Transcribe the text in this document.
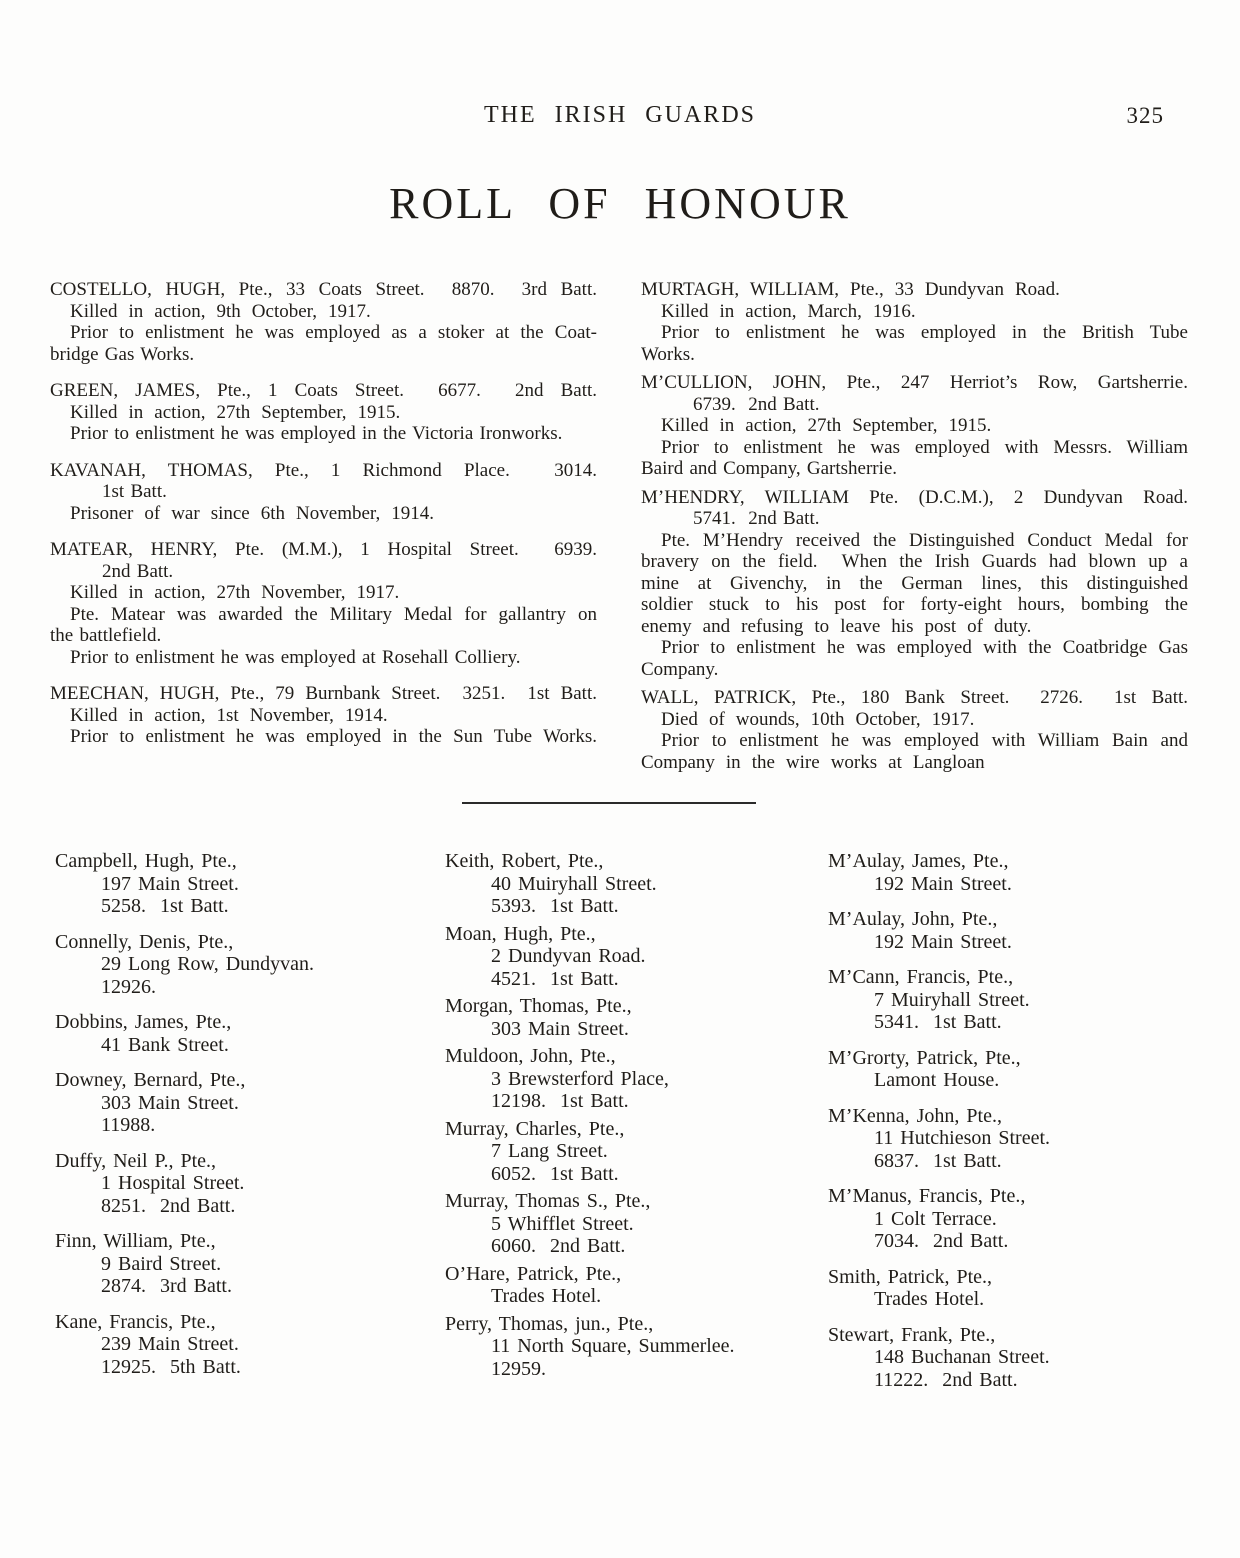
THE IRISH GUARDS	325
ROLL OF HONOUR
COSTELLO, HUGH, Pte., 33 Coats Street.  8870.  3rd Batt.
Killed in action, 9th October, 1917.
Prior to enlistment he was employed as a stoker at the Coat-
bridge Gas Works.
GREEN, JAMES, Pte., 1 Coats Street.  6677.  2nd Batt.
Killed in action, 27th September, 1915.
Prior to enlistment he was employed in the Victoria Ironworks.
KAVANAH, THOMAS, Pte., 1 Richmond Place.  3014.
1st Batt.
Prisoner of war since 6th November, 1914.
MATEAR, HENRY, Pte. (M.M.), 1 Hospital Street.  6939.
2nd Batt.
Killed in action, 27th November, 1917.
Pte. Matear was awarded the Military Medal for gallantry on
the battlefield.
Prior to enlistment he was employed at Rosehall Colliery.
MEECHAN, HUGH, Pte., 79 Burnbank Street.  3251.  1st Batt.
Killed in action, 1st November, 1914.
Prior to enlistment he was employed in the Sun Tube Works.
MURTAGH, WILLIAM, Pte., 33 Dundyvan Road.
Killed in action, March, 1916.
Prior to enlistment he was employed in the British Tube
Works.
M’CULLION, JOHN, Pte., 247 Herriot’s Row, Gartsherrie.
6739.  2nd Batt.
Killed in action, 27th September, 1915.
Prior to enlistment he was employed with Messrs. William
Baird and Company, Gartsherrie.
M’HENDRY, WILLIAM Pte. (D.C.M.), 2 Dundyvan Road.
5741.  2nd Batt.
Pte. M’Hendry received the Distinguished Conduct Medal for
bravery on the field.  When the Irish Guards had blown up a
mine at Givenchy, in the German lines, this distinguished
soldier stuck to his post for forty-eight hours, bombing the
enemy and refusing to leave his post of duty.
Prior to enlistment he was employed with the Coatbridge Gas
Company.
WALL, PATRICK, Pte., 180 Bank Street.  2726.  1st Batt.
Died of wounds, 10th October, 1917.
Prior to enlistment he was employed with William Bain and
Company in the wire works at Langloan
Campbell, Hugh, Pte.,
197 Main Street.
5258.  1st Batt.
Connelly, Denis, Pte.,
29 Long Row, Dundyvan.
12926.
Dobbins, James, Pte.,
41 Bank Street.
Downey, Bernard, Pte.,
303 Main Street.
11988.
Duffy, Neil P., Pte.,
1 Hospital Street.
8251.  2nd Batt.
Finn, William, Pte.,
9 Baird Street.
2874.  3rd Batt.
Kane, Francis, Pte.,
239 Main Street.
12925.  5th Batt.
Keith, Robert, Pte.,
40 Muiryhall Street.
5393.  1st Batt.
Moan, Hugh, Pte.,
2 Dundyvan Road.
4521.  1st Batt.
Morgan, Thomas, Pte.,
303 Main Street.
Muldoon, John, Pte.,
3 Brewsterford Place,
12198.  1st Batt.
Murray, Charles, Pte.,
7 Lang Street.
6052.  1st Batt.
Murray, Thomas S., Pte.,
5 Whifflet Street.
6060.  2nd Batt.
O’Hare, Patrick, Pte.,
Trades Hotel.
Perry, Thomas, jun., Pte.,
11 North Square, Summerlee.
12959.
M’Aulay, James, Pte.,
192 Main Street.
M’Aulay, John, Pte.,
192 Main Street.
M’Cann, Francis, Pte.,
7 Muiryhall Street.
5341.  1st Batt.
M’Grorty, Patrick, Pte.,
Lamont House.
M’Kenna, John, Pte.,
11 Hutchieson Street.
6837.  1st Batt.
M’Manus, Francis, Pte.,
1 Colt Terrace.
7034.  2nd Batt.
Smith, Patrick, Pte.,
Trades Hotel.
Stewart, Frank, Pte.,
148 Buchanan Street.
11222.  2nd Batt.
